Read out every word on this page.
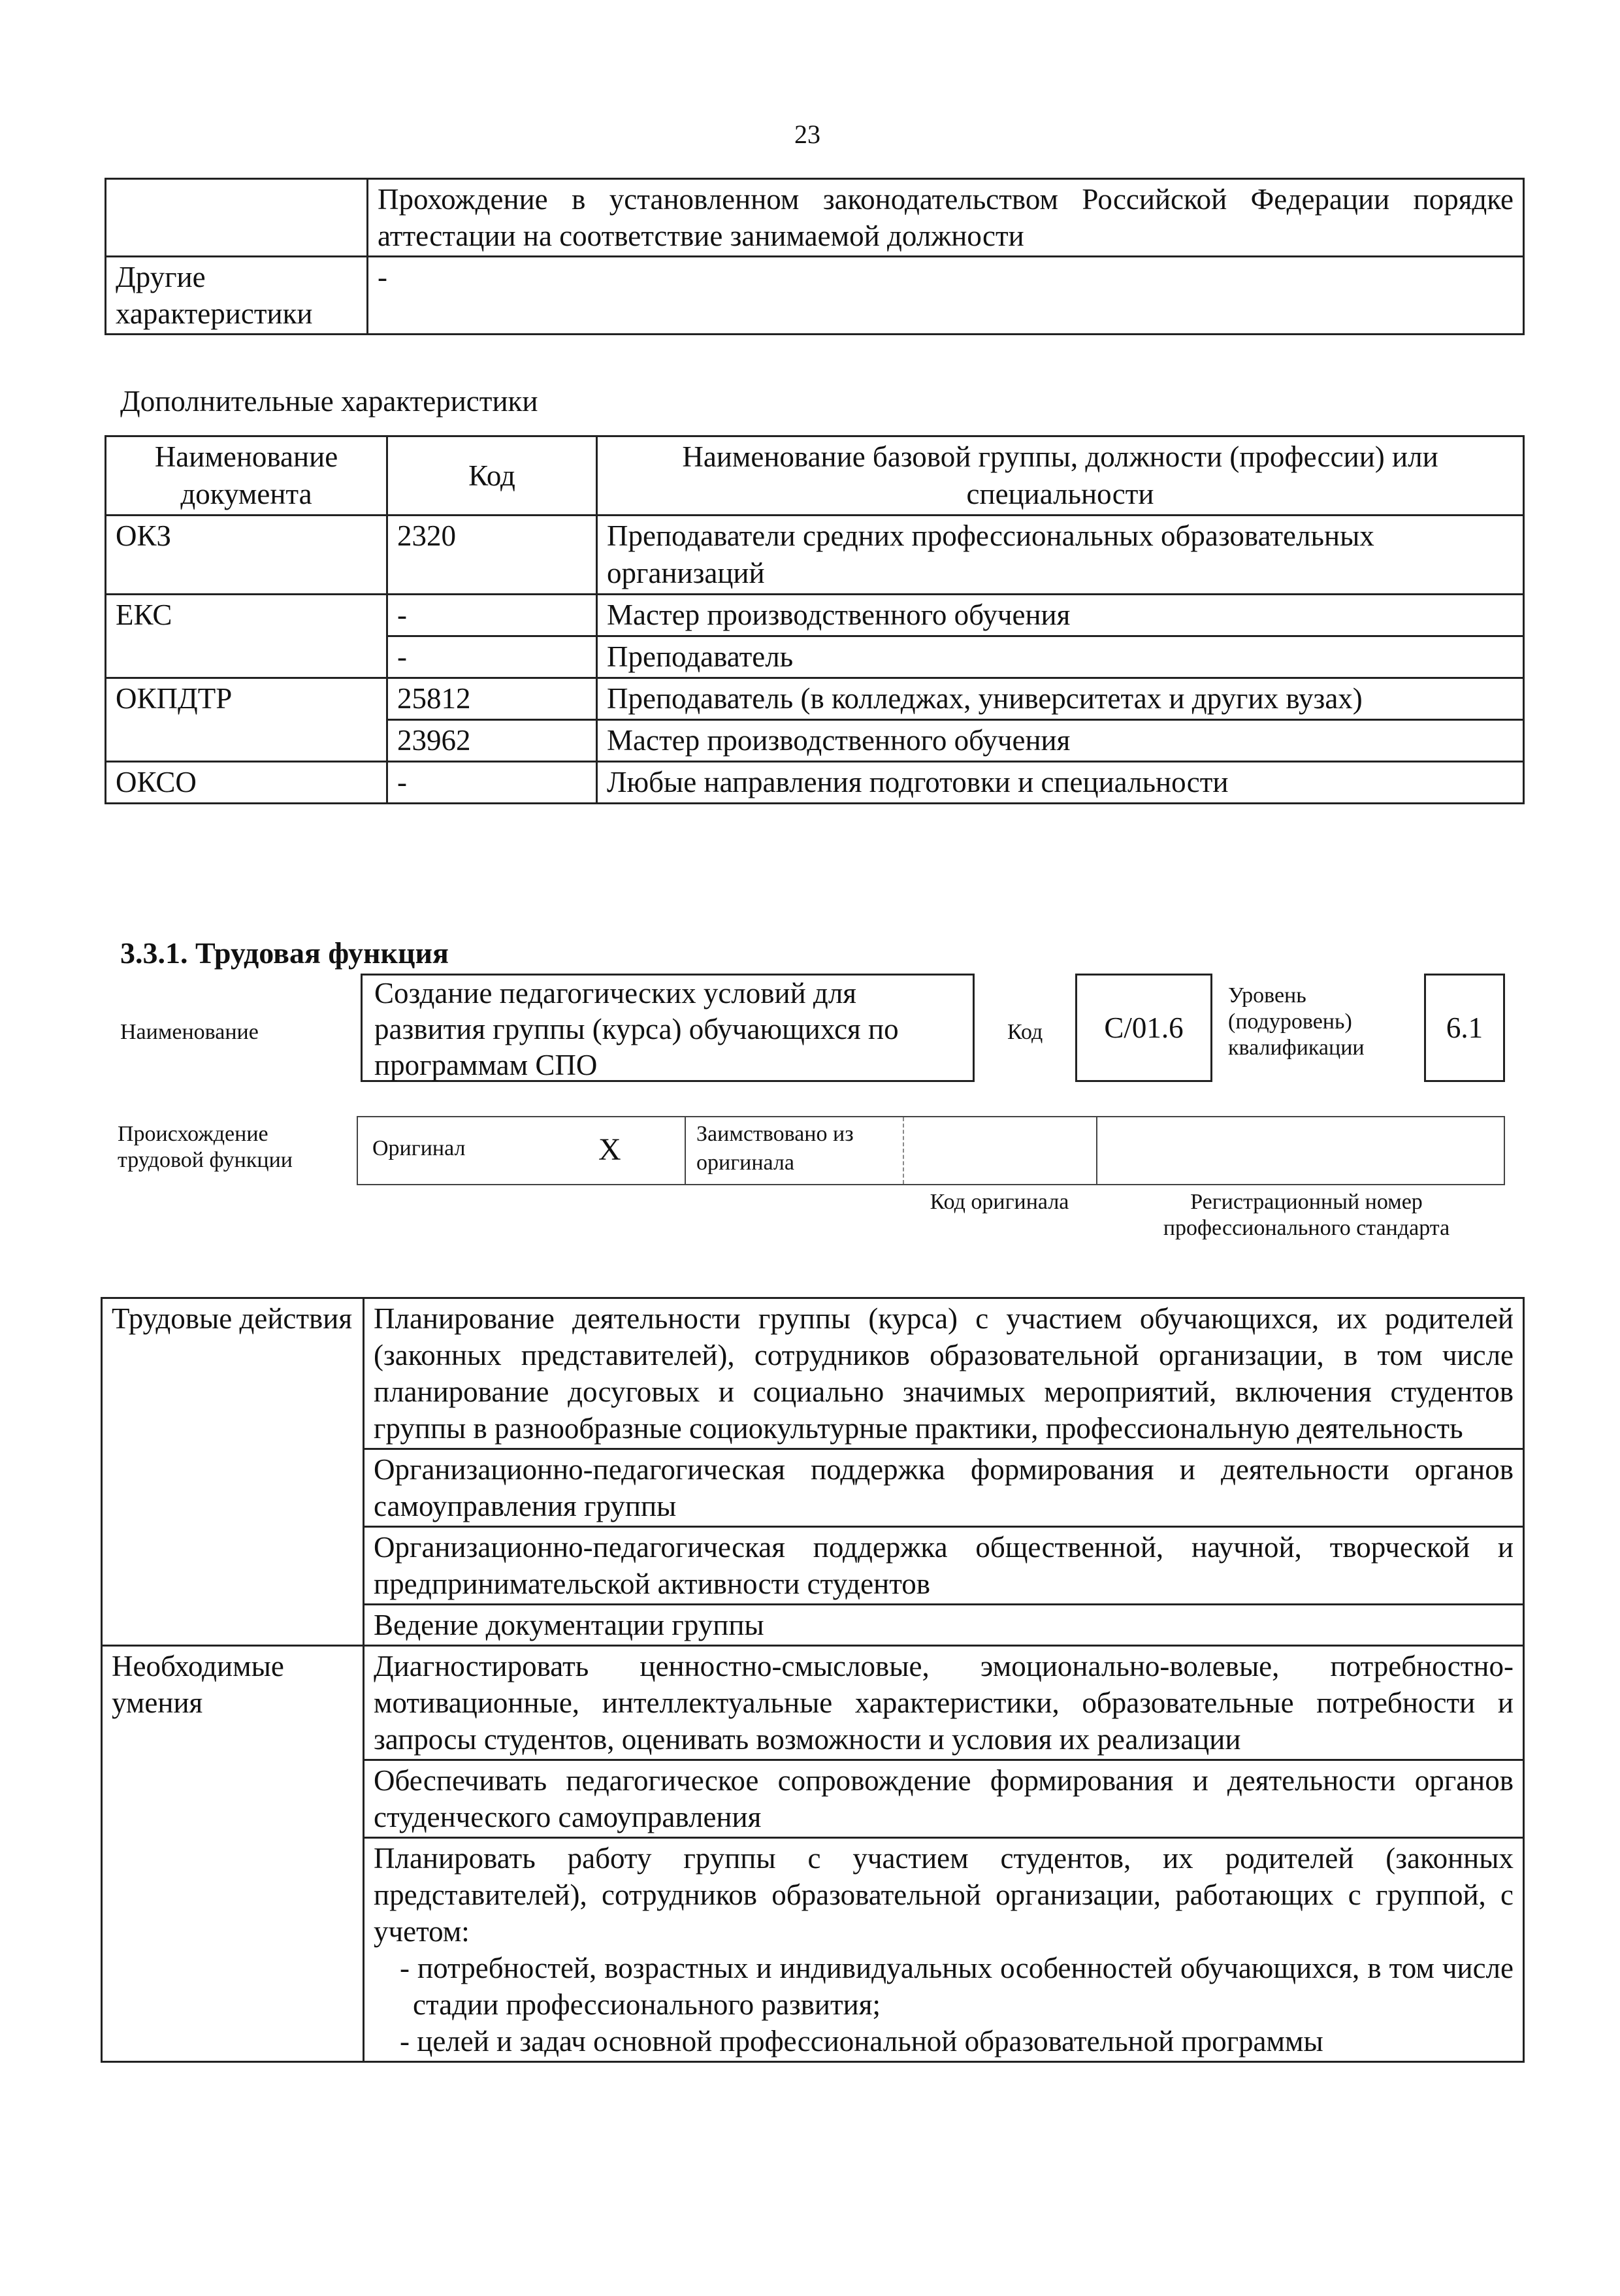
23
	Прохождение в установленном законодательством Российской Федерации порядке аттестации на соответствие занимаемой должности
Другие характеристики	-
Дополнительные характеристики
Наименование документа	Код	Наименование базовой группы, должности (профессии) или специальности
ОКЗ	2320	Преподаватели средних профессиональных образовательных организаций
ЕКС	-	Мастер производственного обучения
	-	Преподаватель
ОКПДТР	25812	Преподаватель (в колледжах, университетах и других вузах)
	23962	Мастер производственного обучения
ОКСО	-	Любые направления подготовки и специальности
3.3.1. Трудовая функция
Наименование
Создание педагогических условий для развития группы (курса) обучающихся по программам СПО
Код	С/01.6
Уровень (подуровень) квалификации
6.1
Происхождение трудовой функции	Оригинал	Х	Заимствовано из оригинала
Код оригинала	Регистрационный номер профессионального стандарта
Трудовые действия	Планирование деятельности группы (курса) с участием обучающихся, их родителей (законных представителей), сотрудников образовательной организации, в том числе планирование досуговых и социально значимых мероприятий, включения студентов группы в разнообразные социокультурные практики, профессиональную деятельность
	Организационно-педагогическая поддержка формирования и деятельности органов самоуправления группы
	Организационно-педагогическая поддержка общественной, научной, творческой и предпринимательской активности студентов
	Ведение документации группы
Необходимые умения	Диагностировать ценностно-смысловые, эмоционально-волевые, потребностно-мотивационные, интеллектуальные характеристики, образовательные потребности и запросы студентов, оценивать возможности и условия их реализации
	Обеспечивать педагогическое сопровождение формирования и деятельности органов студенческого самоуправления

	Планировать работу группы с участием студентов, их родителей (законных представителей), сотрудников образовательной организации, работающих с группой, с учетом:
- потребностей, возрастных и индивидуальных особенностей обучающихся, в том числе стадии профессионального развития;
- целей и задач основной профессиональной образовательной программы
